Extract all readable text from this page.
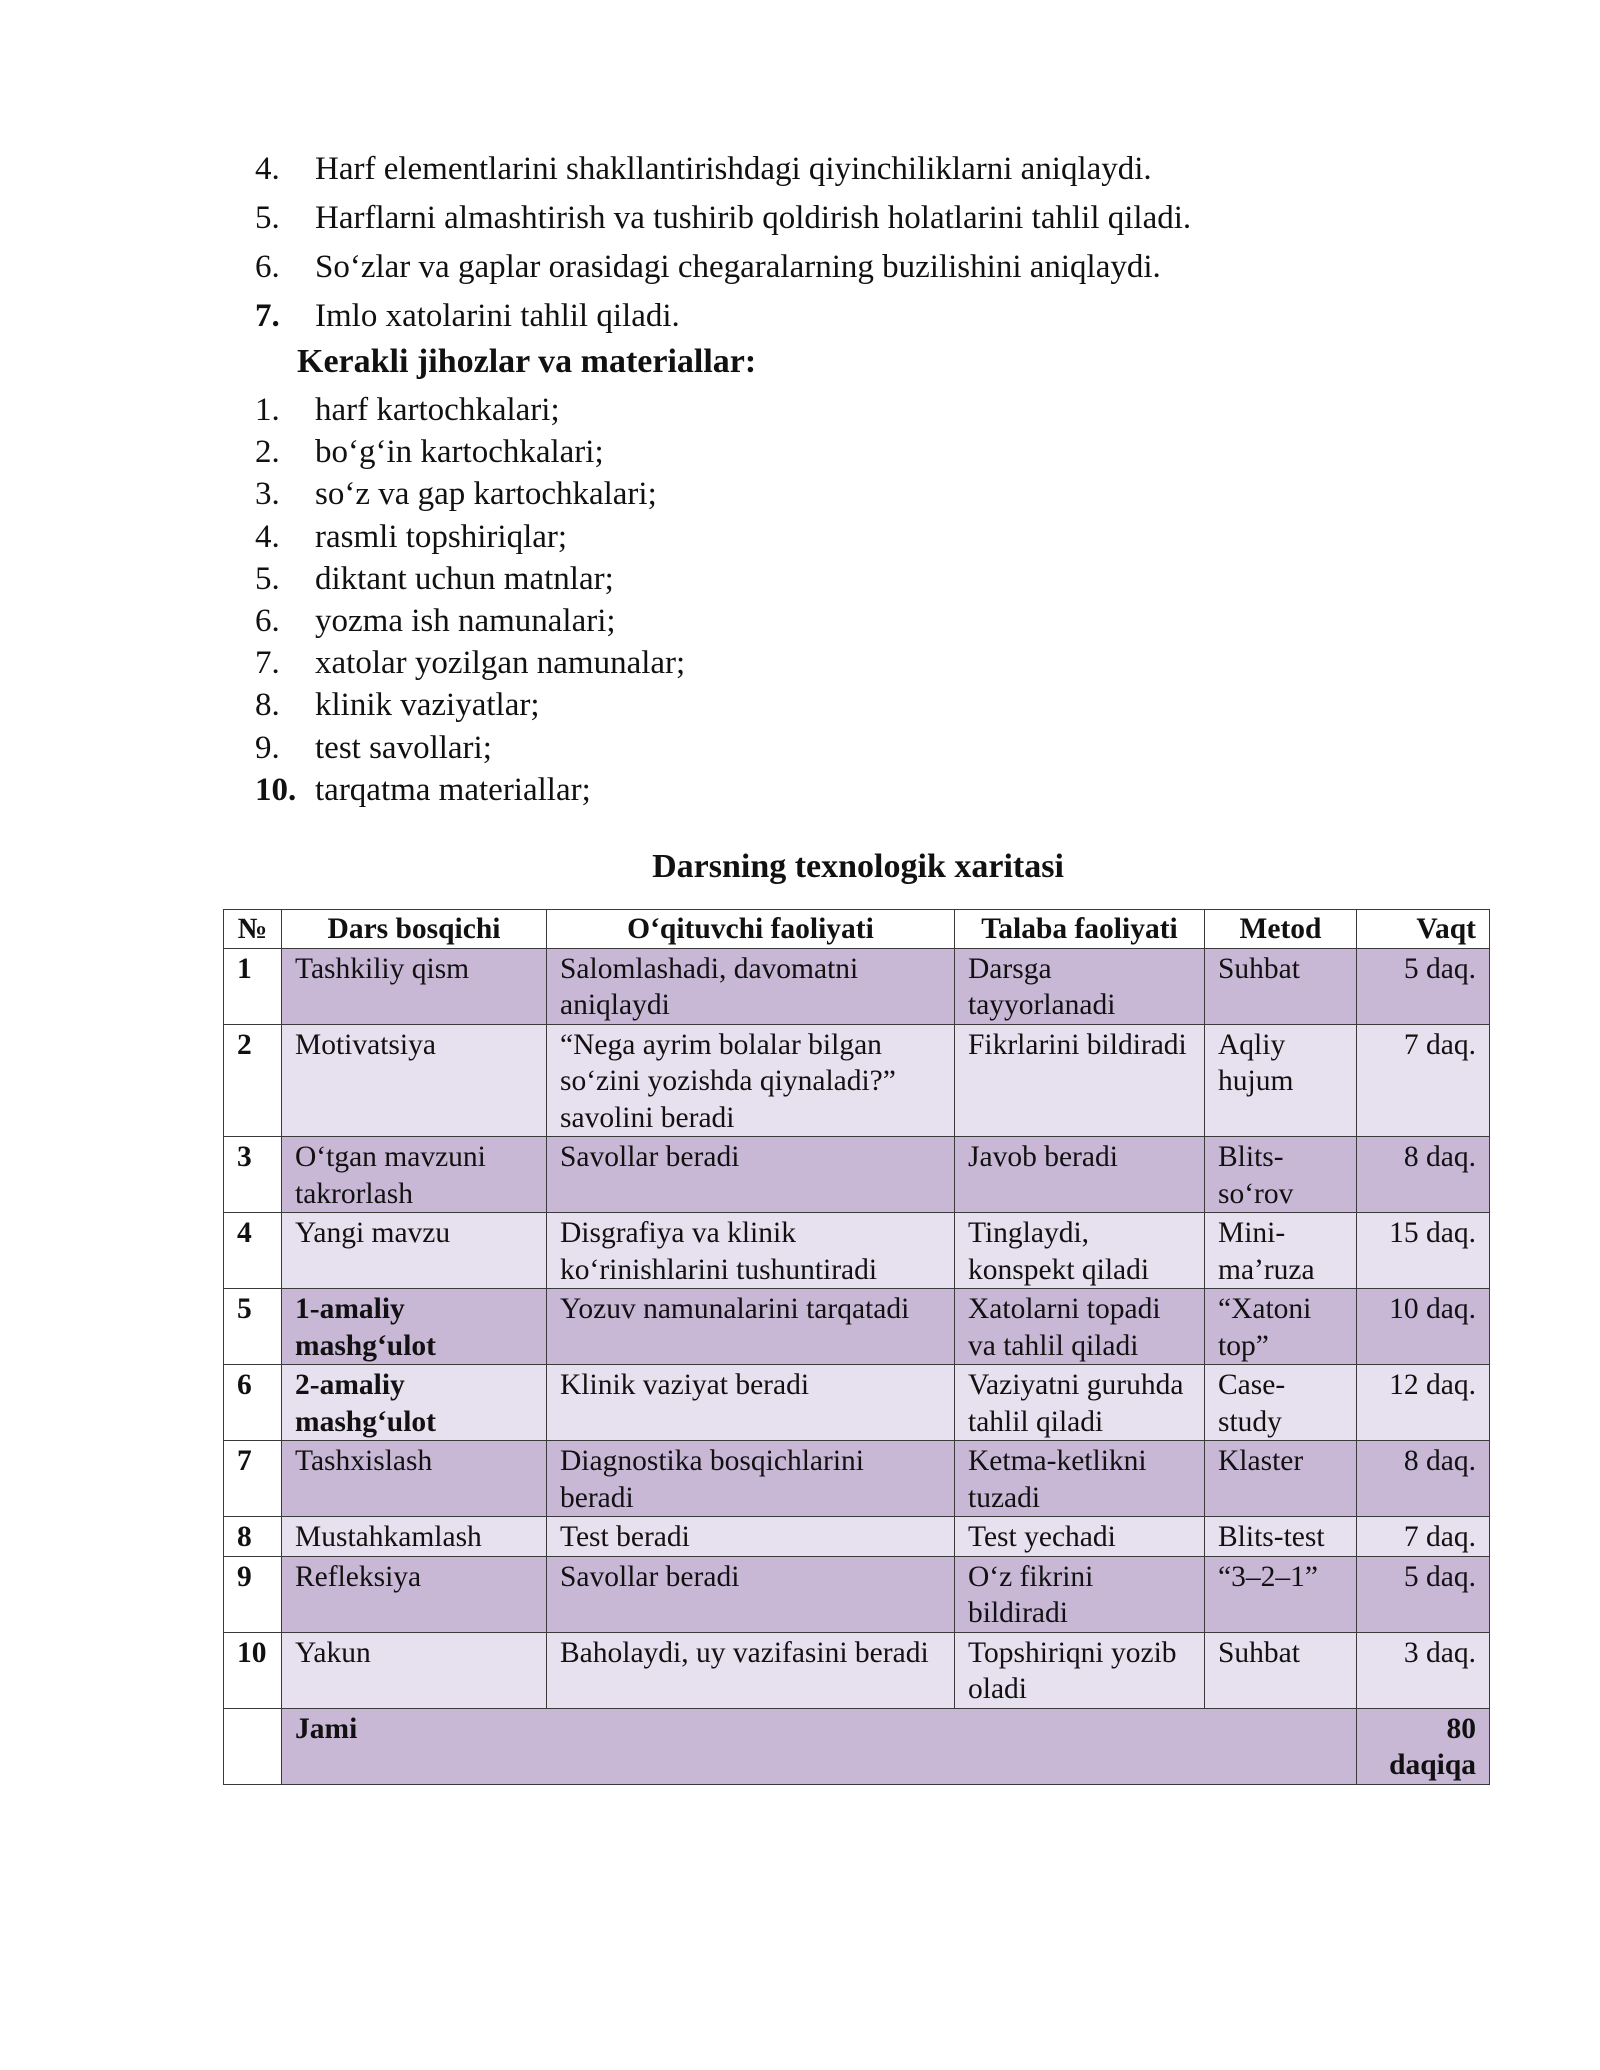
4. Harf elementlarini shakllantirishdagi qiyinchiliklarni aniqlaydi.
5. Harflarni almashtirish va tushirib qoldirish holatlarini tahlil qiladi.
6. So‘zlar va gaplar orasidagi chegaralarning buzilishini aniqlaydi.
7. Imlo xatolarini tahlil qiladi.
Kerakli jihozlar va materiallar:
1. harf kartochkalari;
2. bo‘g‘in kartochkalari;
3. so‘z va gap kartochkalari;
4. rasmli topshiriqlar;
5. diktant uchun matnlar;
6. yozma ish namunalari;
7. xatolar yozilgan namunalar;
8. klinik vaziyatlar;
9. test savollari;
10. tarqatma materiallar;
Darsning texnologik xaritasi
№	Dars bosqichi	O‘qituvchi faoliyati	Talaba faoliyati	Metod	Vaqt
1	Tashkiliy qism	Salomlashadi, davomatni aniqlaydi	Darsga tayyorlanadi	Suhbat	5 daq.
2	Motivatsiya	“Nega ayrim bolalar bilgan so‘zini yozishda qiynaladi?” savolini beradi	Fikrlarini bildiradi	Aqliy hujum	7 daq.
3	O‘tgan mavzuni takrorlash	Savollar beradi	Javob beradi	Blits-so‘rov	8 daq.
4	Yangi mavzu	Disgrafiya va klinik ko‘rinishlarini tushuntiradi	Tinglaydi, konspekt qiladi	Mini-ma’ruza	15 daq.
5	1-amaliy mashg‘ulot	Yozuv namunalarini tarqatadi	Xatolarni topadi va tahlil qiladi	“Xatoni top”	10 daq.
6	2-amaliy mashg‘ulot	Klinik vaziyat beradi	Vaziyatni guruhda tahlil qiladi	Case-study	12 daq.
7	Tashxislash	Diagnostika bosqichlarini beradi	Ketma-ketlikni tuzadi	Klaster	8 daq.
8	Mustahkamlash	Test beradi	Test yechadi	Blits-test	7 daq.
9	Refleksiya	Savollar beradi	O‘z fikrini bildiradi	“3–2–1”	5 daq.
10	Yakun	Baholaydi, uy vazifasini beradi	Topshiriqni yozib oladi	Suhbat	3 daq.
	Jami				80 daqiqa
